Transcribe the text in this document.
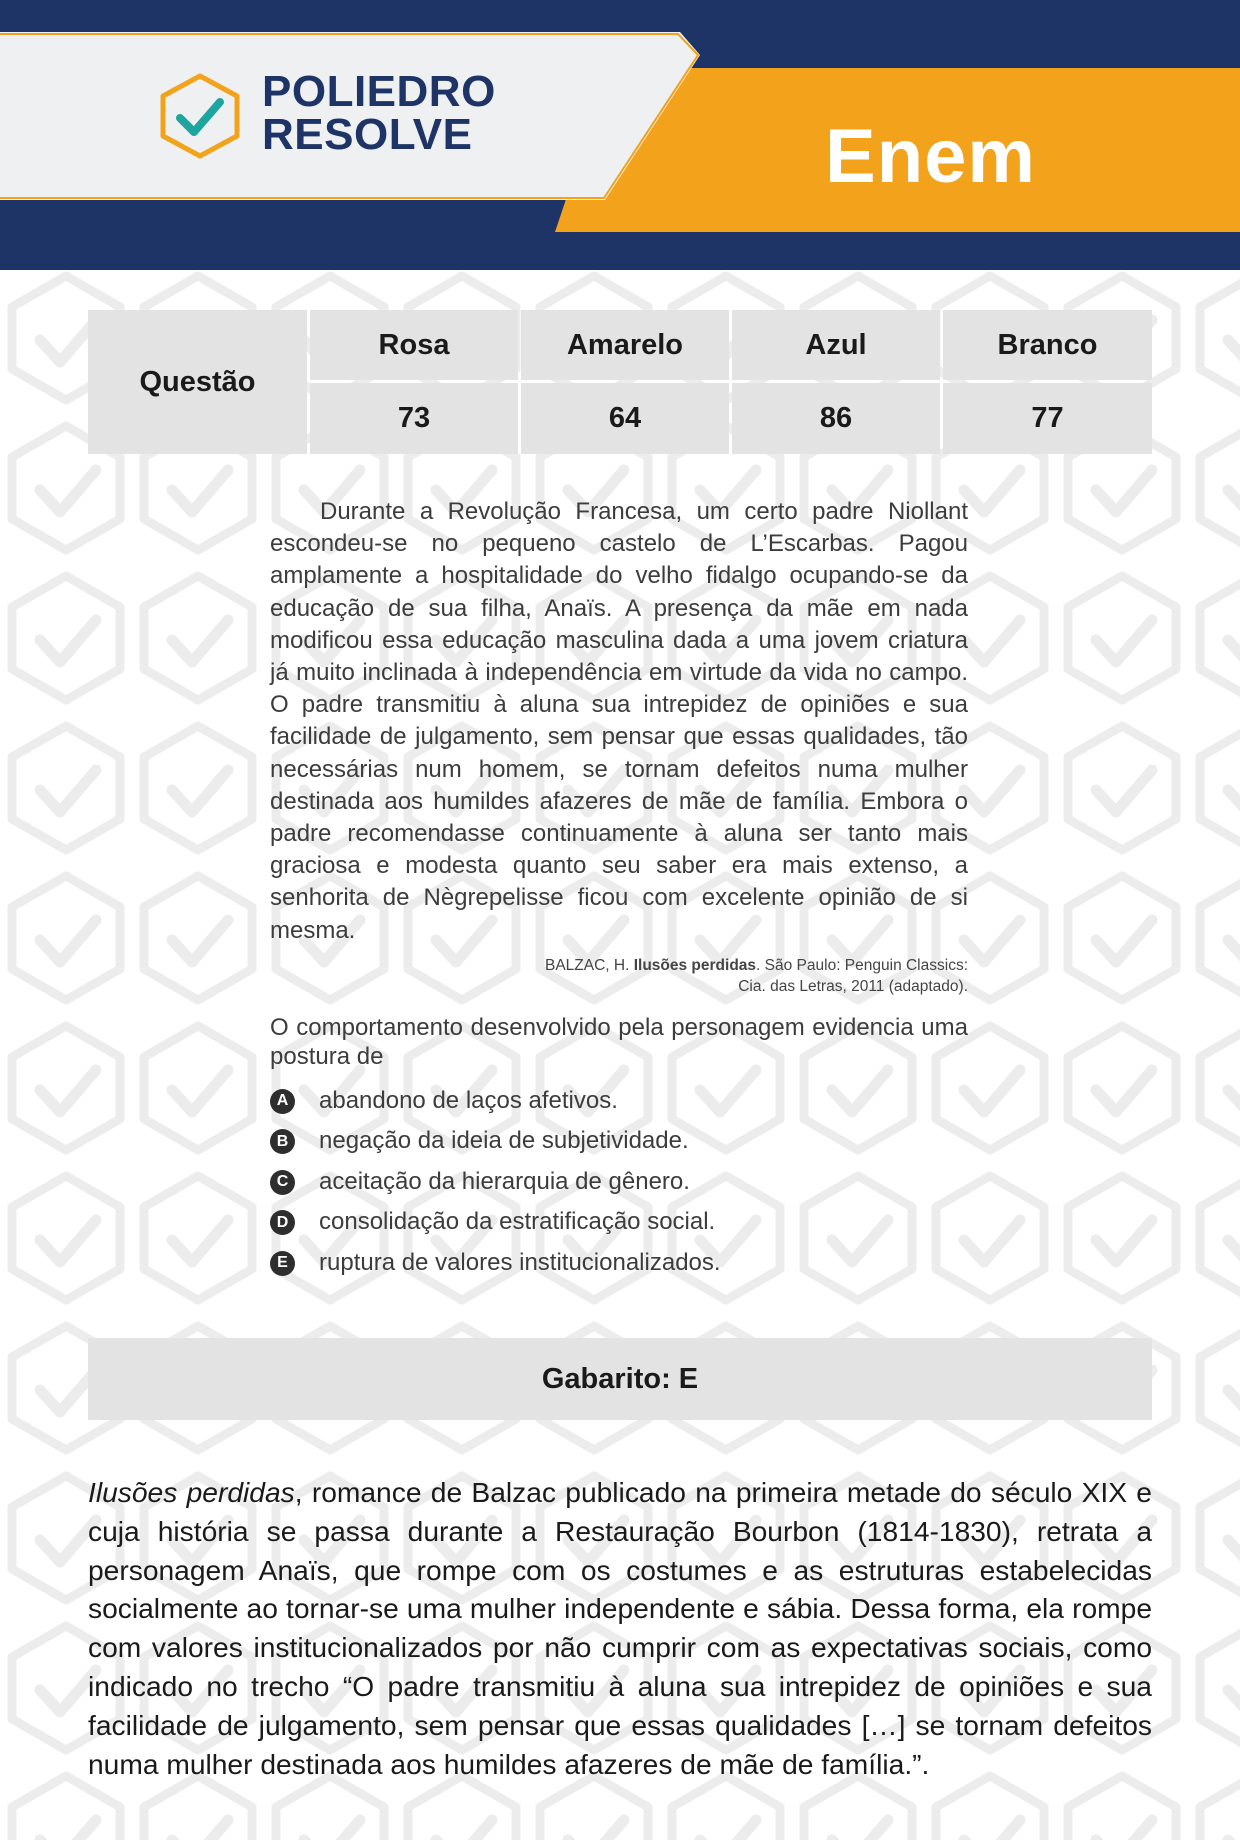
POLIEDRO
RESOLVE	Enem
Questão
Rosa	Amarelo	Azul	Branco
73	64	86	77

Durante a Revolução Francesa, um certo padre Niollant escondeu-se no pequeno castelo de L’Escarbas. Pagou amplamente a hospitalidade do velho fidalgo ocupando-se da educação de sua filha, Anaïs. A presença da mãe em nada modificou essa educação masculina dada a uma jovem criatura já muito inclinada à independência em virtude da vida no campo. O padre transmitiu à aluna sua intrepidez de opiniões e sua facilidade de julgamento, sem pensar que essas qualidades, tão necessárias num homem, se tornam defeitos numa mulher destinada aos humildes afazeres de mãe de família. Embora o padre recomendasse continuamente à aluna ser tanto mais graciosa e modesta quanto seu saber era mais extenso, a senhorita de Nègrepelisse ficou com excelente opinião de si mesma.

BALZAC, H. Ilusões perdidas. São Paulo: Penguin Classics:
Cia. das Letras, 2011 (adaptado).

O comportamento desenvolvido pela personagem evidencia uma postura de

A abandono de laços afetivos.
B negação da ideia de subjetividade.
C aceitação da hierarquia de gênero.
D consolidação da estratificação social.
E ruptura de valores institucionalizados.
Gabarito: E

Ilusões perdidas, romance de Balzac publicado na primeira metade do século XIX e cuja história se passa durante a Restauração Bourbon (1814-1830), retrata a personagem Anaïs, que rompe com os costumes e as estruturas estabelecidas socialmente ao tornar-se uma mulher independente e sábia. Dessa forma, ela rompe com valores institucionalizados por não cumprir com as expectativas sociais, como indicado no trecho “O padre transmitiu à aluna sua intrepidez de opiniões e sua facilidade de julgamento, sem pensar que essas qualidades […] se tornam defeitos numa mulher destinada aos humildes afazeres de mãe de família.”.
